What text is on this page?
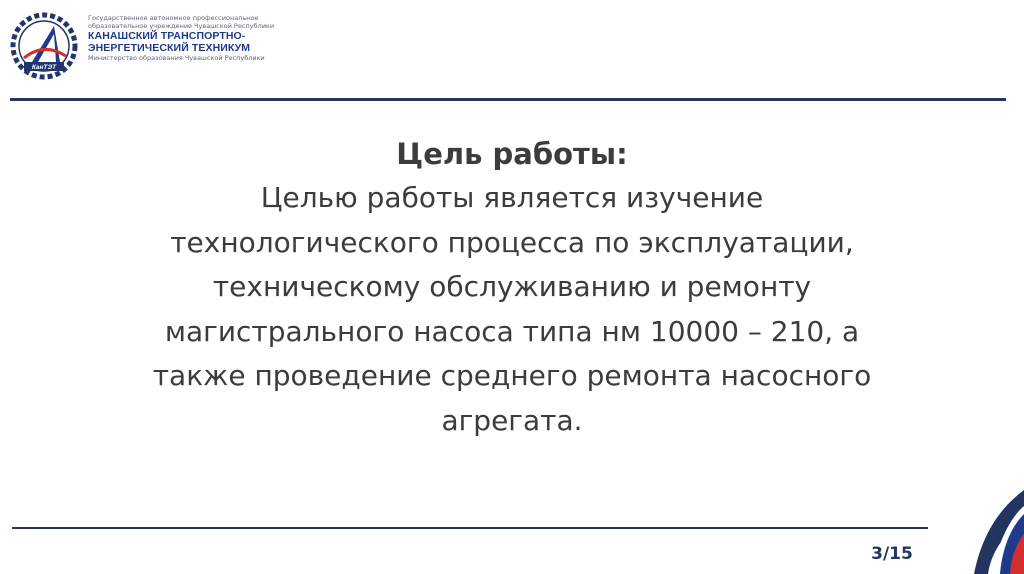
КанТЭТ
Государственное автономное профессиональное
образовательное учреждение Чувашской Республики
КАНАШСКИЙ ТРАНСПОРТНО-
ЭНЕРГЕТИЧЕСКИЙ ТЕХНИКУМ
Министерство образования Чувашской Республики
Цель работы:

Целью работы является изучение

технологического процесса по эксплуатации,

техническому обслуживанию и ремонту

магистрального насоса типа нм 10000 – 210, а

также проведение среднего ремонта насосного

агрегата.

3/15
